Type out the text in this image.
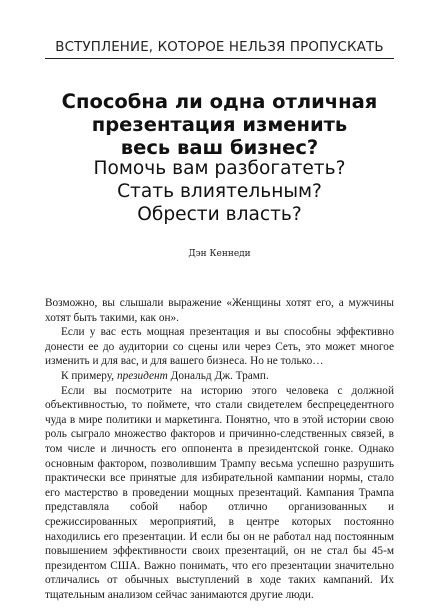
ВСТУПЛЕНИЕ, КОТОРОЕ НЕЛЬЗЯ ПРОПУСКАТЬ
Способна ли одна отличная
презентация изменить
весь ваш бизнес?
Помочь вам разбогатеть?
Стать влиятельным?
Обрести власть?
Дэн Кеннеди

Возможно, вы слышали выражение «Женщины хотят его, а мужчины хотят быть такими, как он».

Если у вас есть мощная презентация и вы способны эффективно донести ее до аудитории со сцены или через Сеть, это может многое изменить и для вас, и для вашего бизнеса. Но не только…

К примеру, президент Дональд Дж. Трамп.

Если вы посмотрите на историю этого человека с должной объективностью, то поймете, что стали свидетелем беспрецедентного чуда в мире политики и маркетинга. Понятно, что в этой истории свою роль сыграло множество факторов и причинно-следственных связей, в том числе и личность его оппонента в президентской гонке. Однако основным фактором, позволившим Трампу весьма успешно разрушить практически все принятые для избирательной кампании нормы, стало его мастерство в проведении мощных презентаций. Кампания Трампа представляла собой набор отлично организованных и срежиссированных мероприятий, в центре которых постоянно находились его презентации. И если бы он не работал над постоянным повышением эффективности своих презентаций, он не стал бы 45-м президентом США. Важно понимать, что его презентации значительно отличались от обычных выступлений в ходе таких кампаний. Их тщательным анализом сейчас занимаются другие люди.
